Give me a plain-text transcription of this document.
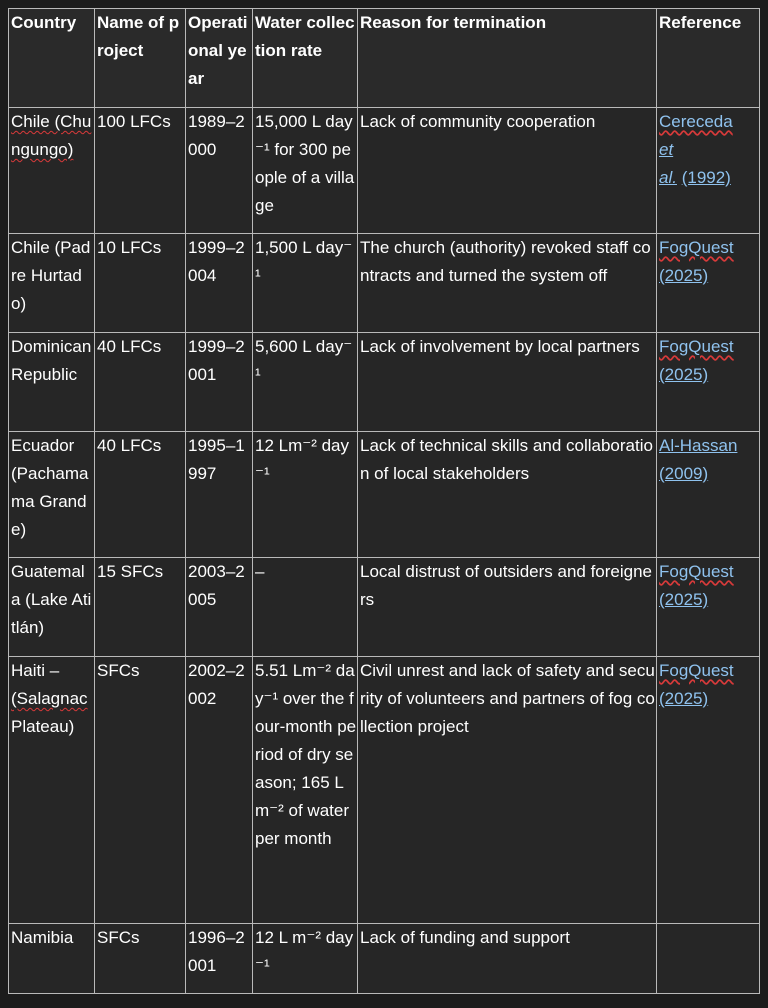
Country	Name of project	Operational year	Water collection rate	Reason for termination	Reference
Chile (Chungungo)	100 LFCs	1989–2000	15,000 L day⁻¹ for 300 people of a village	Lack of community cooperation	Cereceda
et
al. (1992)
Chile (Padre Hurtado)	10 LFCs	1999–2004	1,500 L day⁻¹	The church (authority) revoked staff contracts and turned the system off	FogQuest
(2025)
Dominican Republic	40 LFCs	1999–2001	5,600 L day⁻¹	Lack of involvement by local partners	FogQuest
(2025)
Ecuador (Pachamama Grande)	40 LFCs	1995–1997	12 Lm⁻² day⁻¹	Lack of technical skills and collaboration of local stakeholders	Al-Hassan
(2009)
Guatemala (Lake Atitlán)	15 SFCs	2003–2005	–	Local distrust of outsiders and foreigners	FogQuest
(2025)
Haiti –
(Salagnac
Plateau)	SFCs	2002–2002	5.51 Lm⁻² day⁻¹ over the four-month period of dry season; 165 Lm⁻² of water per month	Civil unrest and lack of safety and security of volunteers and partners of fog collection project	FogQuest
(2025)
Namibia	SFCs	1996–2001	12 L m⁻² day⁻¹	Lack of funding and support	
